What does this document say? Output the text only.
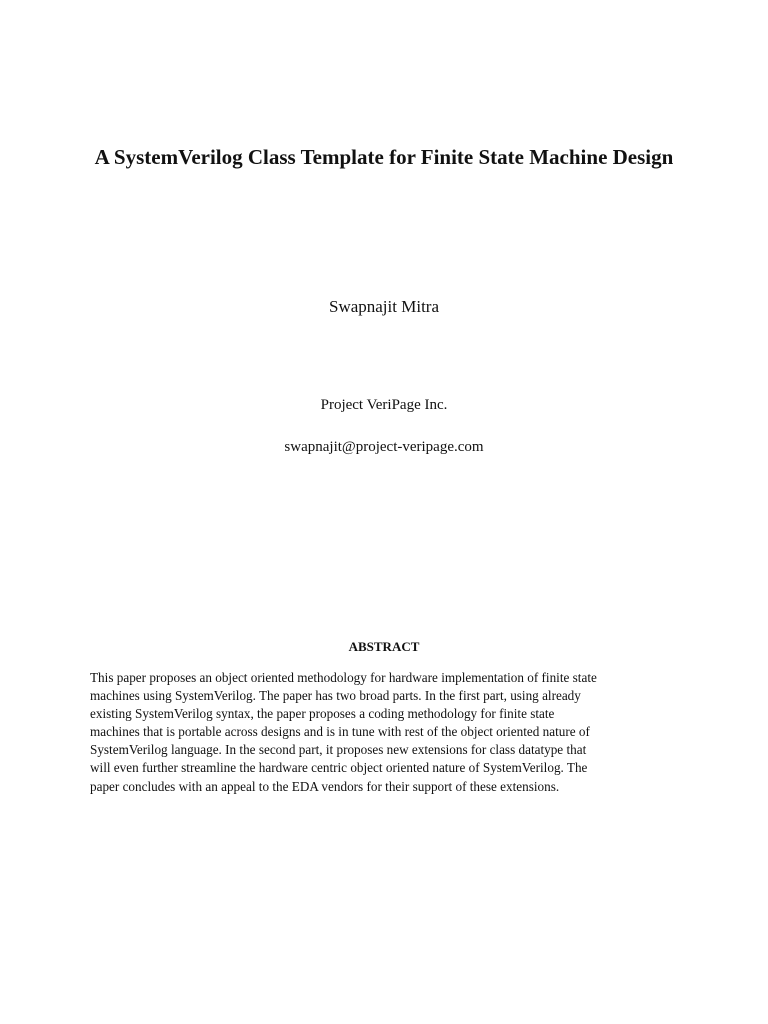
A SystemVerilog Class Template for Finite State Machine Design
Swapnajit Mitra
Project VeriPage Inc.
swapnajit@project-veripage.com
ABSTRACT

This paper proposes an object oriented methodology for hardware implementation of finite state
machines using SystemVerilog. The paper has two broad parts. In the first part, using already
existing SystemVerilog syntax, the paper proposes a coding methodology for finite state
machines that is portable across designs and is in tune with rest of the object oriented nature of
SystemVerilog language. In the second part, it proposes new extensions for class datatype that
will even further streamline the hardware centric object oriented nature of SystemVerilog. The
paper concludes with an appeal to the EDA vendors for their support of these extensions.
